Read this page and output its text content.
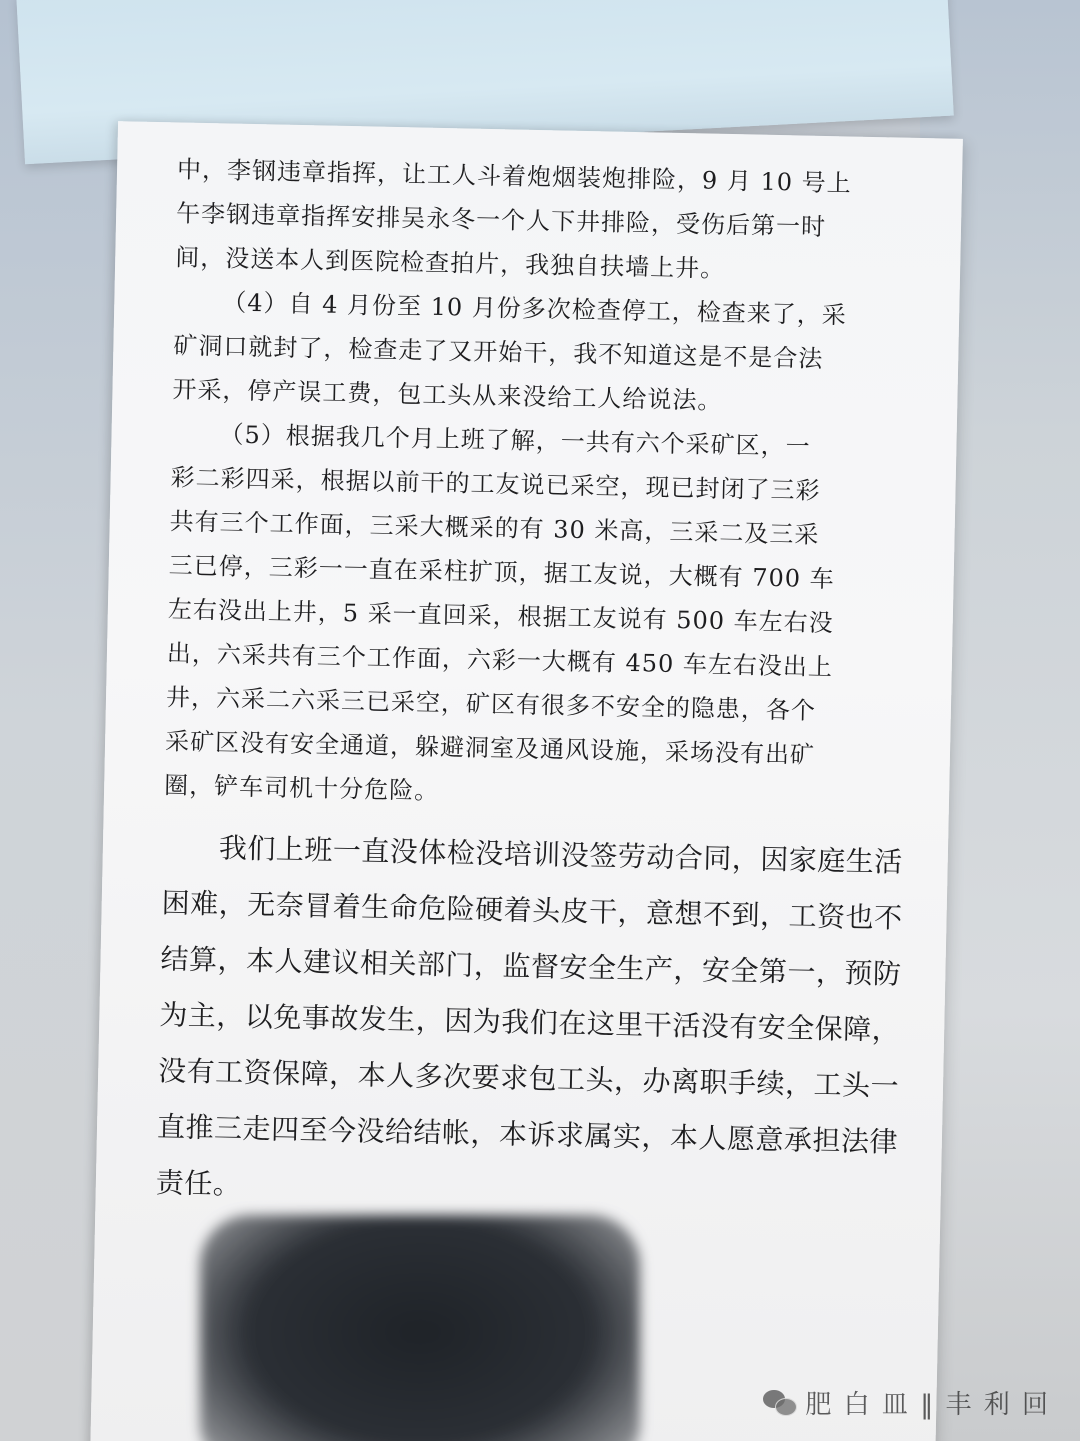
中，李钢违章指挥，让工人斗着炮烟装炮排险，9 月 10 号上
午李钢违章指挥安排吴永冬一个人下井排险，受伤后第一时
间，没送本人到医院检查拍片，我独自扶墙上井。
（4）自 4 月份至 10 月份多次检查停工，检查来了，采
矿洞口就封了，检查走了又开始干，我不知道这是不是合法
开采，停产误工费，包工头从来没给工人给说法。
（5）根据我几个月上班了解，一共有六个采矿区，一
彩二彩四采，根据以前干的工友说已采空，现已封闭了三彩
共有三个工作面，三采大概采的有 30 米高，三采二及三采
三已停，三彩一一直在采柱扩顶，据工友说，大概有 700 车
左右没出上井，5 采一直回采，根据工友说有 500 车左右没
出，六采共有三个工作面，六彩一大概有 450 车左右没出上
井，六采二六采三已采空，矿区有很多不安全的隐患，各个
采矿区没有安全通道，躲避洞室及通风设施，采场没有出矿
圈，铲车司机十分危险。
我们上班一直没体检没培训没签劳动合同，因家庭生活
困难，无奈冒着生命危险硬着头皮干，意想不到，工资也不
结算，本人建议相关部门，监督安全生产，安全第一，预防
为主，以免事故发生，因为我们在这里干活没有安全保障，
没有工资保障，本人多次要求包工头，办离职手续，工头一
直推三走四至今没给结帐，本诉求属实，本人愿意承担法律
责任。
肥 白 皿 ‖ 丰 利 回
